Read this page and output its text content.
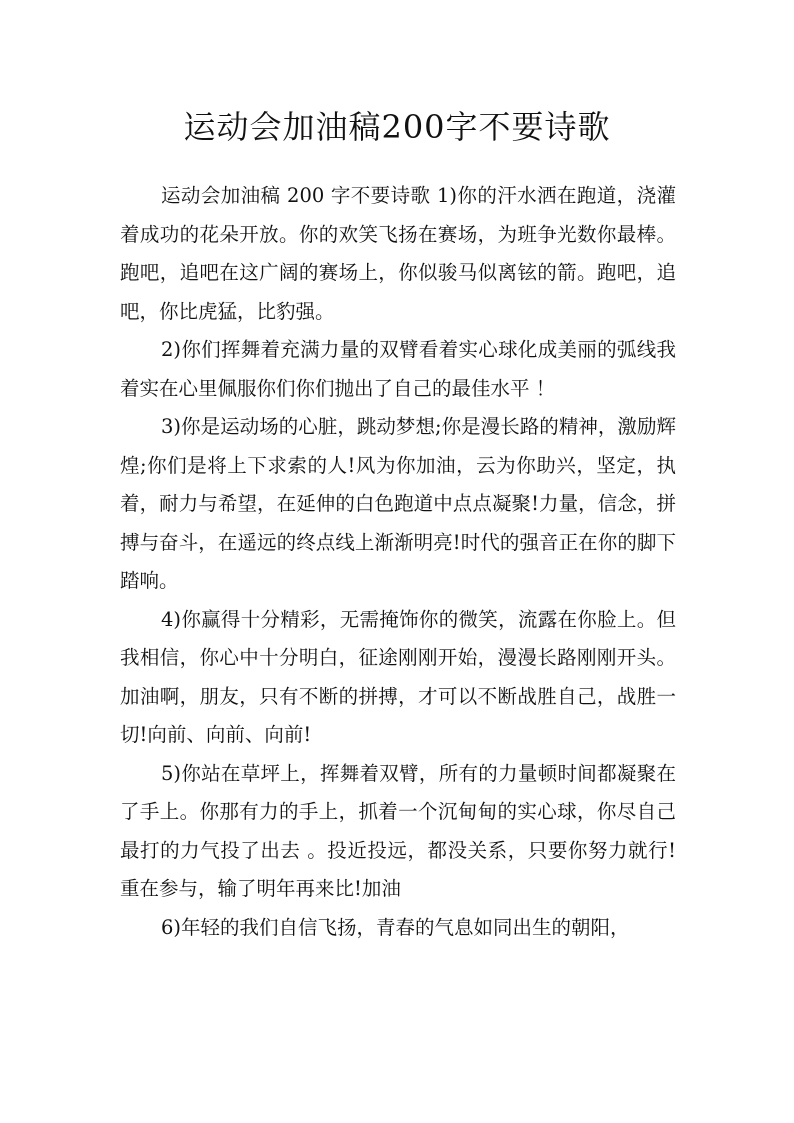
运动会加油稿200字不要诗歌

运动会加油稿 200 字不要诗歌 1)你的汗水洒在跑道，浇灌着成功的花朵开放。你的欢笑飞扬在赛场，为班争光数你最棒。跑吧，追吧在这广阔的赛场上，你似骏马似离铉的箭。跑吧，追吧，你比虎猛，比豹强。

2)你们挥舞着充满力量的双臂看着实心球化成美丽的弧线我着实在心里佩服你们你们抛出了自己的最佳水平 ！

3)你是运动场的心脏，跳动梦想;你是漫长路的精神，激励辉煌;你们是将上下求索的人!风为你加油，云为你助兴，坚定，执着，耐力与希望，在延伸的白色跑道中点点凝聚!力量，信念，拼搏与奋斗，在遥远的终点线上渐渐明亮!时代的强音正在你的脚下踏响。

4)你赢得十分精彩，无需掩饰你的微笑，流露在你脸上。但我相信，你心中十分明白，征途刚刚开始，漫漫长路刚刚开头。加油啊，朋友，只有不断的拼搏，才可以不断战胜自己，战胜一切!向前、向前、向前!

5)你站在草坪上，挥舞着双臂，所有的力量顿时间都凝聚在了手上。你那有力的手上，抓着一个沉甸甸的实心球，你尽自己最打的力气投了出去 。投近投远，都没关系，只要你努力就行!重在参与，输了明年再来比!加油

6)年轻的我们自信飞扬，青春的气息如同出生的朝阳，
